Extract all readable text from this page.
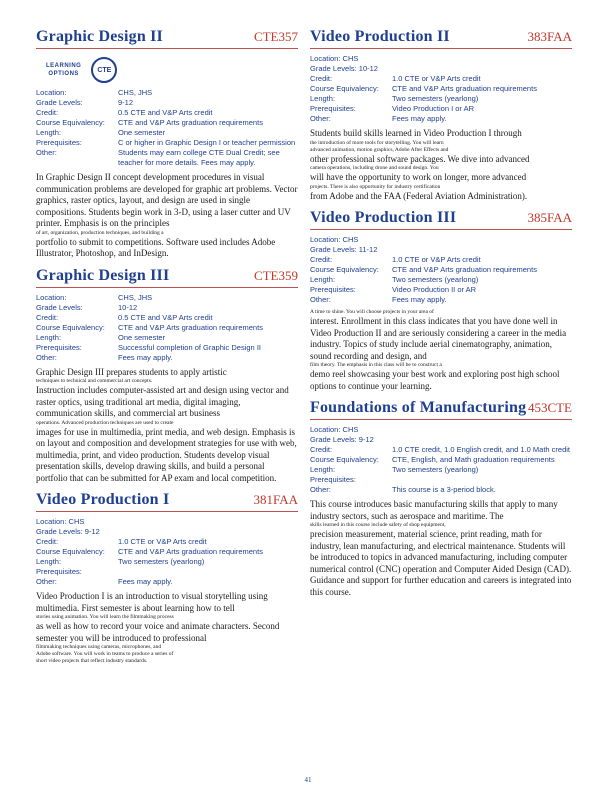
Graphic Design II	CTE357
LEARNING
OPTIONS
CTE
Location:	CHS, JHS
Grade Levels:	9-12
Credit:	0.5 CTE and V&P Arts credit
Course Equivalency:	CTE and V&P Arts graduation requirements
Length:	One semester
Prerequisites:	C or higher in Graphic Design I or teacher permission
Other:	Students may earn college CTE Dual Credit; see teacher for more details. Fees may apply.

In Graphic Design II concept development procedures in visual communication problems are developed for graphic art problems. Vector graphics, raster optics, layout, and design are used in single compositions. Students begin work in 3-D, using a laser cutter and UV printer. Emphasis is on the principles

of art, organization, production techniques, and building a

portfolio to submit to competitions. Software used includes Adobe Illustrator, Photoshop, and InDesign.

Graphic Design III	CTE359
Location:	CHS, JHS
Grade Levels:	10-12
Credit:	0.5 CTE and V&P Arts credit
Course Equivalency:	CTE and V&P Arts graduation requirements
Length:	One semester
Prerequisites:	Successful completion of Graphic Design II
Other:	Fees may apply.

Graphic Design III prepares students to apply artistic

techniques to technical and commercial art concepts.

Instruction includes computer-assisted art and design using vector and raster optics, using traditional art media, digital imaging, communication skills, and commercial art business

operations. Advanced production techniques are used to create

images for use in multimedia, print media, and web design. Emphasis is on layout and composition and development strategies for use with web, multimedia, print, and video production. Students develop visual presentation skills, develop drawing skills, and build a personal portfolio that can be submitted for AP exam and local competition.

Video Production I	381FAA
Location: CHS	
Grade Levels: 9-12	
Credit:	1.0 CTE or V&P Arts credit
Course Equivalency:	CTE and V&P Arts graduation requirements
Length:	Two semesters (yearlong)
Prerequisites:	
Other:	Fees may apply.

Video Production I is an introduction to visual storytelling using multimedia. First semester is about learning how to tell

stories using animation. You will learn the filmmaking process

as well as how to record your voice and animate characters. Second semester you will be introduced to professional

filmmaking techniques using cameras, microphones, and

Adobe software. You will work in teams to produce a series of

short video projects that reflect industry standards.

Video Production II	383FAA
Location: CHS	
Grade Levels: 10-12	
Credit:	1.0 CTE or V&P Arts credit
Course Equivalency:	CTE and V&P Arts graduation requirements
Length:	Two semesters (yearlong)
Prerequisites:	Video Production I or AR
Other:	Fees may apply.

Students build skills learned in Video Production I through

the introduction of more tools for storytelling. You will learn

advanced animation, motion graphics, Adobe After Effects and

other professional software packages. We dive into advanced

camera operations, including drone and sound design. You

will have the opportunity to work on longer, more advanced

projects. There is also opportunity for industry certification

from Adobe and the FAA (Federal Aviation Administration).

Video Production III	385FAA
Location: CHS	
Grade Levels: 11-12	
Credit:	1.0 CTE or V&P Arts credit
Course Equivalency:	CTE and V&P Arts graduation requirements
Length:	Two semesters (yearlong)
Prerequisites:	Video Production II or AR
Other:	Fees may apply.

A time to shine. You will choose projects in your area of

interest. Enrollment in this class indicates that you have done well in Video Production II and are seriously considering a career in the media industry. Topics of study include aerial cinematography, animation, sound recording and design, and

film theory. The emphasis in this class will be to construct a

demo reel showcasing your best work and exploring post high school options to continue your learning.

Foundations of Manufacturing 453CTE
Location: CHS	
Grade Levels: 9-12	
Credit:	1.0 CTE credit, 1.0 English credit, and 1.0 Math credit
Course Equivalency:	CTE, English, and Math graduation requirements
Length:	Two semesters (yearlong)
Prerequisites:	
Other:	This course is a 3-period block.

This course introduces basic manufacturing skills that apply to many industry sectors, such as aerospace and maritime. The

skills learned in this course include safety of shop equipment,

precision measurement, material science, print reading, math for industry, lean manufacturing, and electrical maintenance. Students will be introduced to topics in advanced manufacturing, including computer numerical control (CNC) operation and Computer Aided Design (CAD). Guidance and support for further education and careers is integrated into this course.

41
